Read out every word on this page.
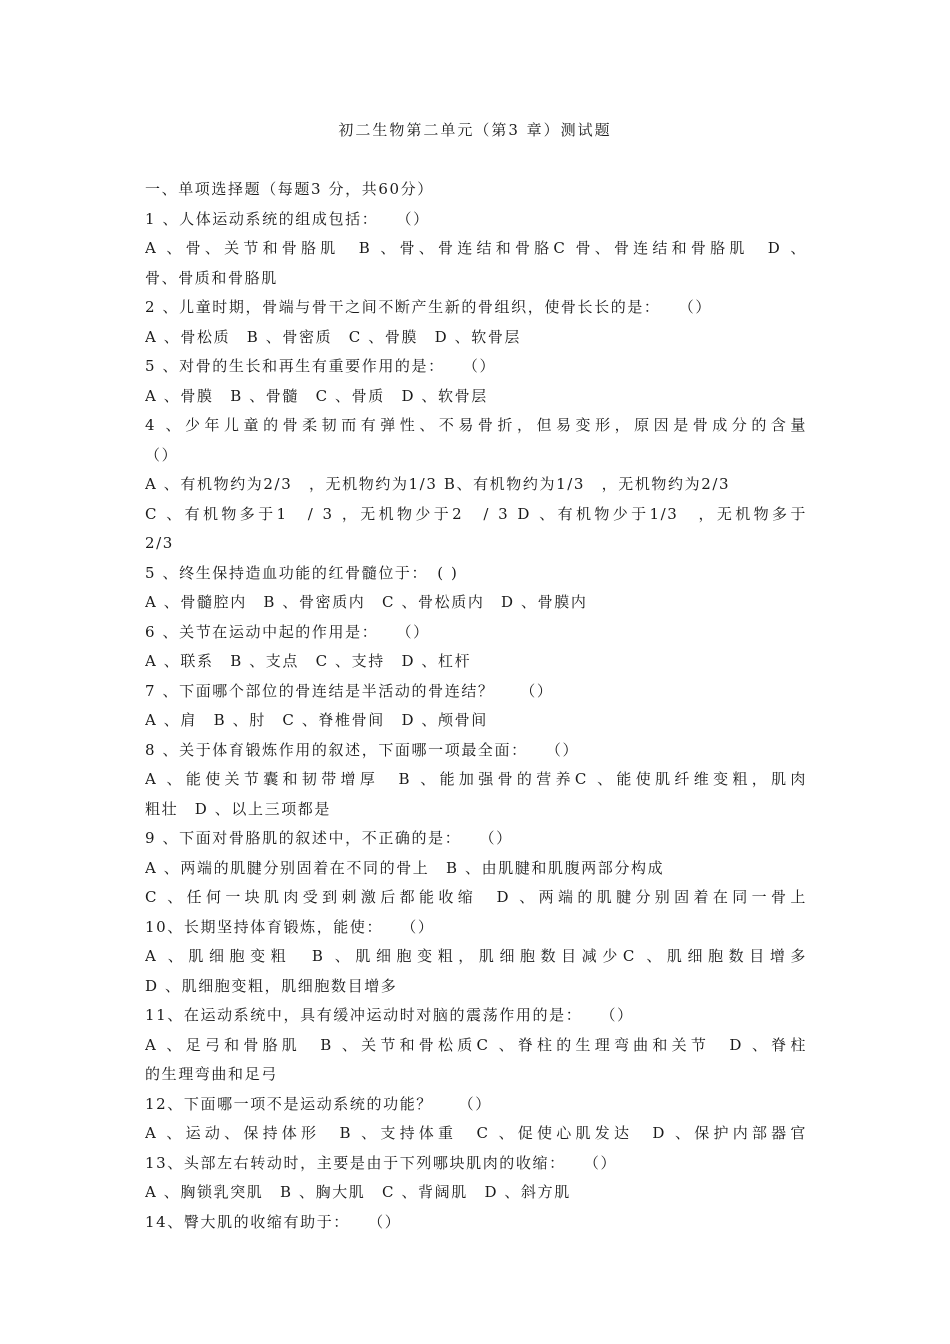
初二生物第二单元（第3 章）测试题
一、单项选择题（每题3 分，共60分）
1 、人体运动系统的组成包括：　　（）
A 、骨、关节和骨胳肌　B 、骨、骨连结和骨胳C 骨、骨连结和骨胳肌　D 、
骨、骨质和骨胳肌
2 、儿童时期，骨端与骨干之间不断产生新的骨组织，使骨长长的是：　　（）
A 、骨松质　B 、骨密质　C 、骨膜　D 、软骨层
5 、对骨的生长和再生有重要作用的是：　　（）
A 、骨膜　B 、骨髓　C 、骨质　D 、软骨层
4 、少年儿童的骨柔韧而有弹性、不易骨折，但易变形，原因是骨成分的含量
（）
A 、有机物约为2/3　，无机物约为1/3 B、有机物约为1/3　，无机物约为2/3
C 、有机物多于1　/ 3 ，无机物少于2　/ 3 D 、有机物少于1/3　，无机物多于
2/3
5 、终生保持造血功能的红骨髓位于：　( )
A 、骨髓腔内　B 、骨密质内　C 、骨松质内　D 、骨膜内
6 、关节在运动中起的作用是：　　（）
A 、联系　B 、支点　C 、支持　D 、杠杆
7 、下面哪个部位的骨连结是半活动的骨连结？　　（）
A 、肩　B 、肘　C 、脊椎骨间　D 、颅骨间
8 、关于体育锻炼作用的叙述，下面哪一项最全面：　　（）
A 、能使关节囊和韧带增厚　B 、能加强骨的营养C 、能使肌纤维变粗，肌肉
粗壮　D 、以上三项都是
9 、下面对骨胳肌的叙述中，不正确的是：　　（）
A 、两端的肌腱分别固着在不同的骨上　B 、由肌腱和肌腹两部分构成
C 、任何一块肌肉受到刺激后都能收缩　D 、两端的肌腱分别固着在同一骨上
10、长期坚持体育锻炼，能使：　　（）
A 、肌细胞变粗　B 、肌细胞变粗，肌细胞数目减少C 、肌细胞数目增多
D 、肌细胞变粗，肌细胞数目增多
11、在运动系统中，具有缓冲运动时对脑的震荡作用的是：　　（）
A 、足弓和骨胳肌　B 、关节和骨松质C 、脊柱的生理弯曲和关节　D 、脊柱
的生理弯曲和足弓
12、下面哪一项不是运动系统的功能？　　（）
A 、运动、保持体形　B 、支持体重　C 、促使心肌发达　D 、保护内部器官
13、头部左右转动时，主要是由于下列哪块肌肉的收缩：　　（）
A 、胸锁乳突肌　B 、胸大肌　C 、背阔肌　D 、斜方肌
14、臀大肌的收缩有助于：　　（）
